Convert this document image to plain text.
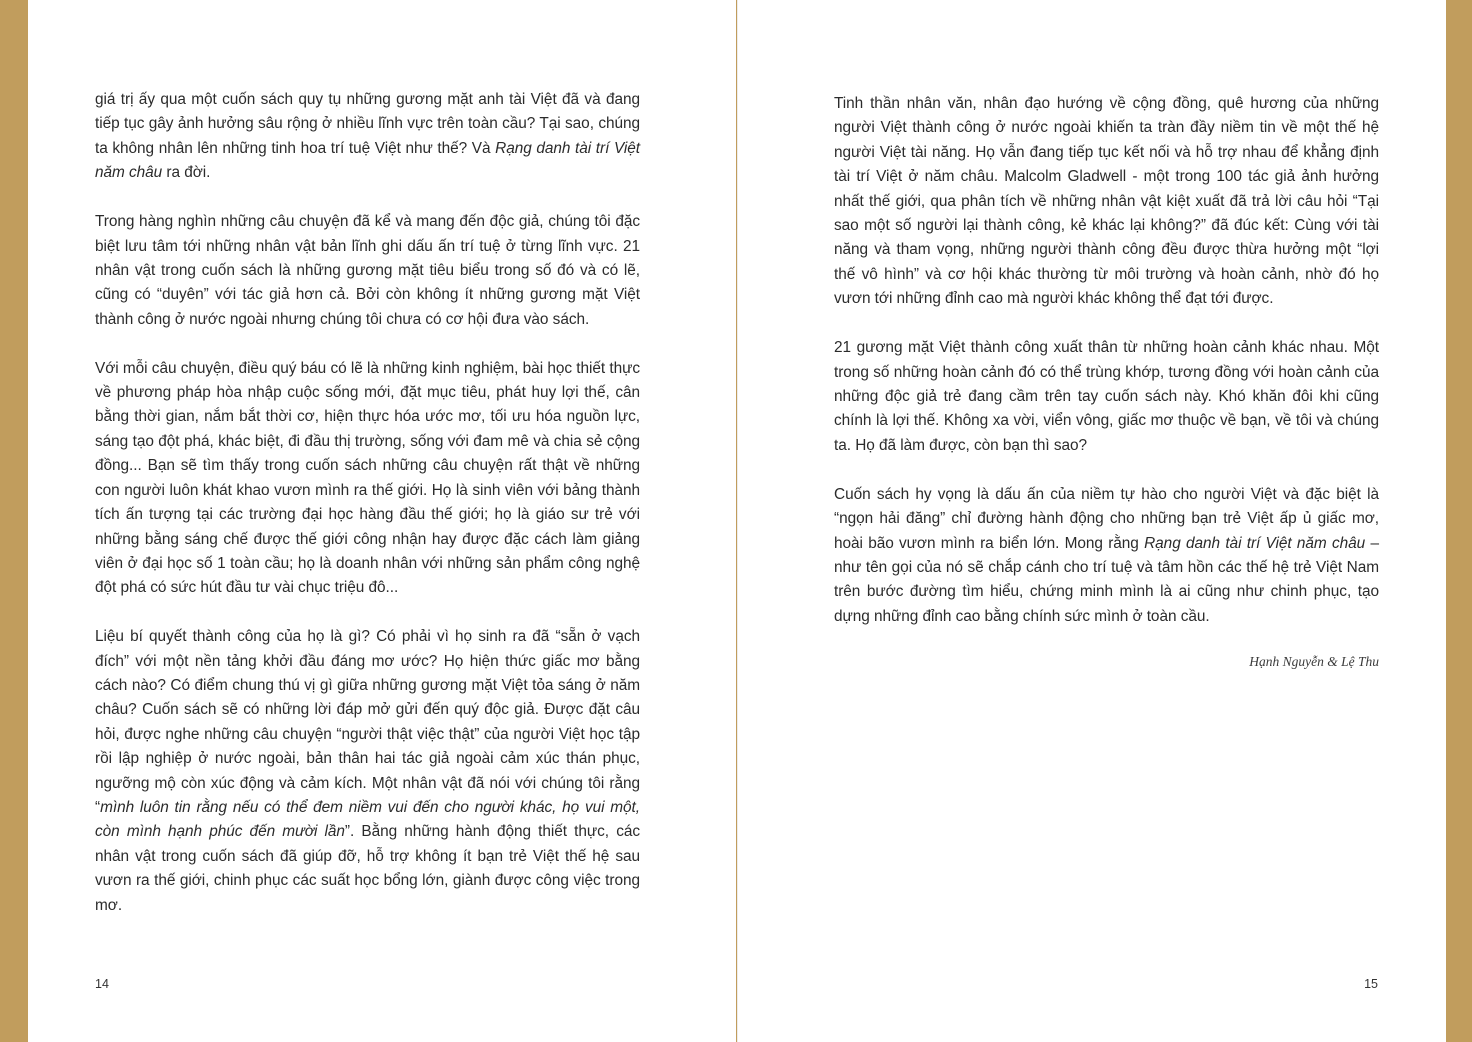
giá trị ấy qua một cuốn sách quy tụ những gương mặt anh tài Việt đã và đang tiếp tục gây ảnh hưởng sâu rộng ở nhiều lĩnh vực trên toàn cầu? Tại sao, chúng ta không nhân lên những tinh hoa trí tuệ Việt như thế? Và Rạng danh tài trí Việt năm châu ra đời.

Trong hàng nghìn những câu chuyện đã kể và mang đến độc giả, chúng tôi đặc biệt lưu tâm tới những nhân vật bản lĩnh ghi dấu ấn trí tuệ ở từng lĩnh vực. 21 nhân vật trong cuốn sách là những gương mặt tiêu biểu trong số đó và có lẽ, cũng có “duyên” với tác giả hơn cả. Bởi còn không ít những gương mặt Việt thành công ở nước ngoài nhưng chúng tôi chưa có cơ hội đưa vào sách.

Với mỗi câu chuyện, điều quý báu có lẽ là những kinh nghiệm, bài học thiết thực về phương pháp hòa nhập cuộc sống mới, đặt mục tiêu, phát huy lợi thế, cân bằng thời gian, nắm bắt thời cơ, hiện thực hóa ước mơ, tối ưu hóa nguồn lực, sáng tạo đột phá, khác biệt, đi đầu thị trường, sống với đam mê và chia sẻ cộng đồng... Bạn sẽ tìm thấy trong cuốn sách những câu chuyện rất thật về những con người luôn khát khao vươn mình ra thế giới. Họ là sinh viên với bảng thành tích ấn tượng tại các trường đại học hàng đầu thế giới; họ là giáo sư trẻ với những bằng sáng chế được thế giới công nhận hay được đặc cách làm giảng viên ở đại học số 1 toàn cầu; họ là doanh nhân với những sản phẩm công nghệ đột phá có sức hút đầu tư vài chục triệu đô...

Liệu bí quyết thành công của họ là gì? Có phải vì họ sinh ra đã “sẵn ở vạch đích” với một nền tảng khởi đầu đáng mơ ước? Họ hiện thức giấc mơ bằng cách nào? Có điểm chung thú vị gì giữa những gương mặt Việt tỏa sáng ở năm châu? Cuốn sách sẽ có những lời đáp mở gửi đến quý độc giả. Được đặt câu hỏi, được nghe những câu chuyện “người thật việc thật” của người Việt học tập rồi lập nghiệp ở nước ngoài, bản thân hai tác giả ngoài cảm xúc thán phục, ngưỡng mộ còn xúc động và cảm kích. Một nhân vật đã nói với chúng tôi rằng “mình luôn tin rằng nếu có thể đem niềm vui đến cho người khác, họ vui một, còn mình hạnh phúc đến mười lần”. Bằng những hành động thiết thực, các nhân vật trong cuốn sách đã giúp đỡ, hỗ trợ không ít bạn trẻ Việt thế hệ sau vươn ra thế giới, chinh phục các suất học bổng lớn, giành được công việc trong mơ.

14

Tinh thần nhân văn, nhân đạo hướng về cộng đồng, quê hương của những người Việt thành công ở nước ngoài khiến ta tràn đầy niềm tin về một thế hệ người Việt tài năng. Họ vẫn đang tiếp tục kết nối và hỗ trợ nhau để khẳng định tài trí Việt ở năm châu. Malcolm Gladwell - một trong 100 tác giả ảnh hưởng nhất thế giới, qua phân tích về những nhân vật kiệt xuất đã trả lời câu hỏi “Tại sao một số người lại thành công, kẻ khác lại không?” đã đúc kết: Cùng với tài năng và tham vọng, những người thành công đều được thừa hưởng một “lợi thế vô hình” và cơ hội khác thường từ môi trường và hoàn cảnh, nhờ đó họ vươn tới những đỉnh cao mà người khác không thể đạt tới được.

21 gương mặt Việt thành công xuất thân từ những hoàn cảnh khác nhau. Một trong số những hoàn cảnh đó có thể trùng khớp, tương đồng với hoàn cảnh của những độc giả trẻ đang cầm trên tay cuốn sách này. Khó khăn đôi khi cũng chính là lợi thế. Không xa vời, viển vông, giấc mơ thuộc về bạn, về tôi và chúng ta. Họ đã làm được, còn bạn thì sao?

Cuốn sách hy vọng là dấu ấn của niềm tự hào cho người Việt và đặc biệt là “ngọn hải đăng” chỉ đường hành động cho những bạn trẻ Việt ấp ủ giấc mơ, hoài bão vươn mình ra biển lớn. Mong rằng Rạng danh tài trí Việt năm châu – như tên gọi của nó sẽ chắp cánh cho trí tuệ và tâm hồn các thế hệ trẻ Việt Nam trên bước đường tìm hiểu, chứng minh mình là ai cũng như chinh phục, tạo dựng những đỉnh cao bằng chính sức mình ở toàn cầu.

Hạnh Nguyễn & Lệ Thu
15
